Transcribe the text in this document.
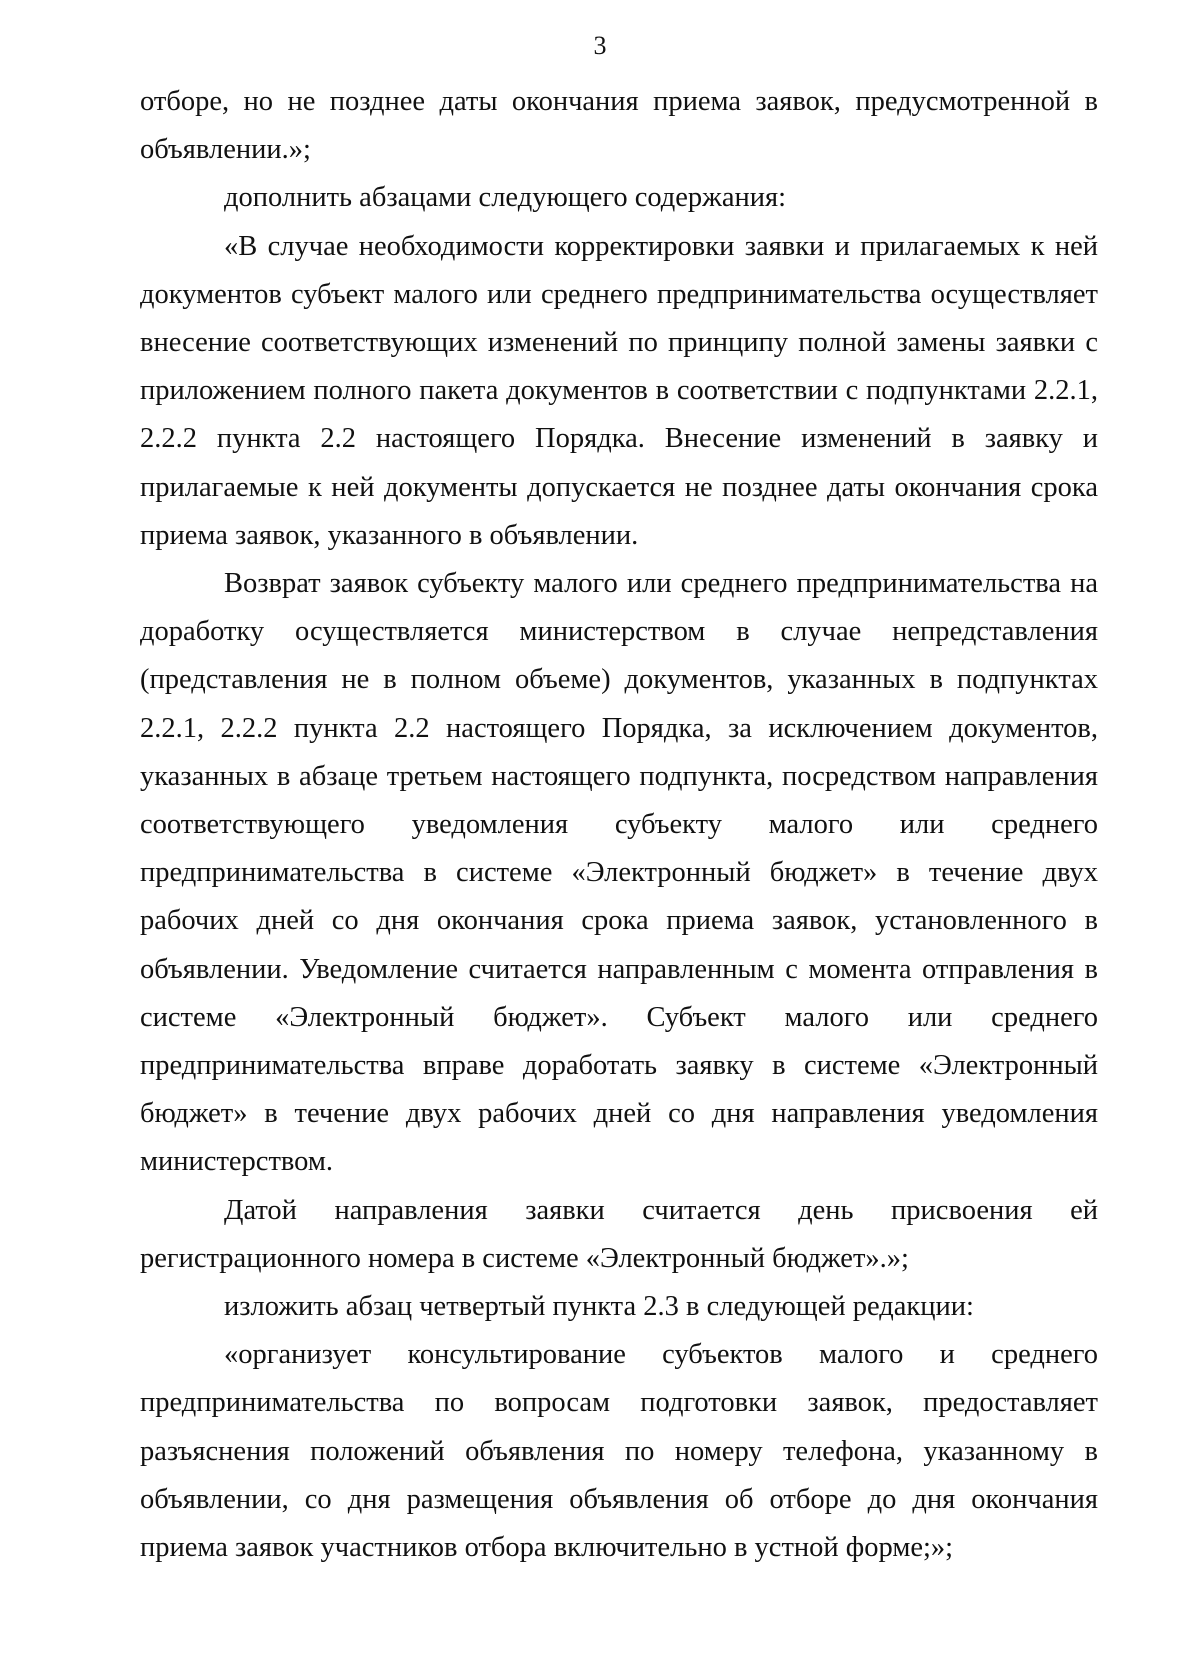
3

отборе, но не позднее даты окончания приема заявок, предусмотренной в объявлении.»;

дополнить абзацами следующего содержания:

«В случае необходимости корректировки заявки и прилагаемых к ней документов субъект малого или среднего предпринимательства осуществляет внесение соответствующих изменений по принципу полной замены заявки с приложением полного пакета документов в соответствии с подпунктами 2.2.1, 2.2.2 пункта 2.2 настоящего Порядка. Внесение изменений в заявку и прилагаемые к ней документы допускается не позднее даты окончания срока приема заявок, указанного в объявлении.

Возврат заявок субъекту малого или среднего предпринимательства на доработку осуществляется министерством в случае непредставления (представления не в полном объеме) документов, указанных в подпунктах 2.2.1, 2.2.2 пункта 2.2 настоящего Порядка, за исключением документов, указанных в абзаце третьем настоящего подпункта, посредством направления соответствующего уведомления субъекту малого или среднего предпринимательства в системе «Электронный бюджет» в течение двух рабочих дней со дня окончания срока приема заявок, установленного в объявлении. Уведомление считается направленным с момента отправления в системе «Электронный бюджет». Субъект малого или среднего предпринимательства вправе доработать заявку в системе «Электронный бюджет» в течение двух рабочих дней со дня направления уведомления министерством.

Датой направления заявки считается день присвоения ей регистрационного номера в системе «Электронный бюджет».»;

изложить абзац четвертый пункта 2.3 в следующей редакции:

«организует консультирование субъектов малого и среднего предпринимательства по вопросам подготовки заявок, предоставляет разъяснения положений объявления по номеру телефона, указанному в объявлении, со дня размещения объявления об отборе до дня окончания приема заявок участников отбора включительно в устной форме;»;
